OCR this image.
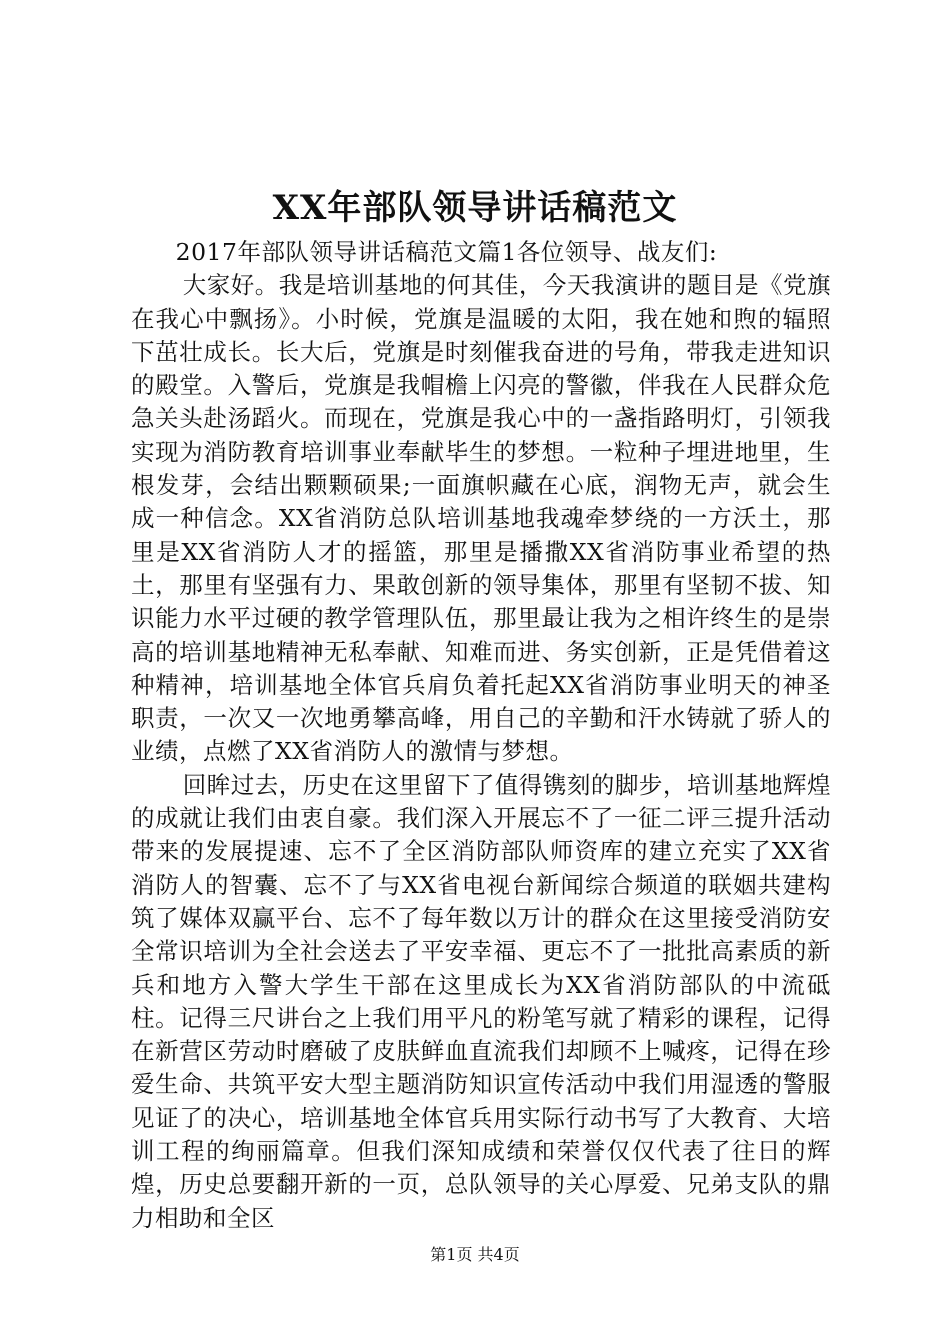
XX年部队领导讲话稿范文

2017年部队领导讲话稿范文篇1各位领导、战友们:

大家好。我是培训基地的何其佳，今天我演讲的题目是《党旗在我心中飘扬》。小时候，党旗是温暖的太阳，我在她和煦的辐照下茁壮成长。长大后，党旗是时刻催我奋进的号角，带我走进知识的殿堂。入警后，党旗是我帽檐上闪亮的警徽，伴我在人民群众危急关头赴汤蹈火。而现在，党旗是我心中的一盏指路明灯，引领我实现为消防教育培训事业奉献毕生的梦想。一粒种子埋进地里，生根发芽，会结出颗颗硕果;一面旗帜藏在心底，润物无声，就会生成一种信念。XX省消防总队培训基地我魂牵梦绕的一方沃土，那里是XX省消防人才的摇篮，那里是播撒XX省消防事业希望的热土，那里有坚强有力、果敢创新的领导集体，那里有坚韧不拔、知识能力水平过硬的教学管理队伍，那里最让我为之相许终生的是崇高的培训基地精神无私奉献、知难而进、务实创新，正是凭借着这种精神，培训基地全体官兵肩负着托起XX省消防事业明天的神圣职责，一次又一次地勇攀高峰，用自己的辛勤和汗水铸就了骄人的业绩，点燃了XX省消防人的激情与梦想。

回眸过去，历史在这里留下了值得镌刻的脚步，培训基地辉煌的成就让我们由衷自豪。我们深入开展忘不了一征二评三提升活动带来的发展提速、忘不了全区消防部队师资库的建立充实了XX省消防人的智囊、忘不了与XX省电视台新闻综合频道的联姻共建构筑了媒体双赢平台、忘不了每年数以万计的群众在这里接受消防安全常识培训为全社会送去了平安幸福、更忘不了一批批高素质的新兵和地方入警大学生干部在这里成长为XX省消防部队的中流砥柱。记得三尺讲台之上我们用平凡的粉笔写就了精彩的课程，记得在新营区劳动时磨破了皮肤鲜血直流我们却顾不上喊疼，记得在珍爱生命、共筑平安大型主题消防知识宣传活动中我们用湿透的警服见证了的决心，培训基地全体官兵用实际行动书写了大教育、大培训工程的绚丽篇章。但我们深知成绩和荣誉仅仅代表了往日的辉煌，历史总要翻开新的一页，总队领导的关心厚爱、兄弟支队的鼎力相助和全区

第1页 共4页
